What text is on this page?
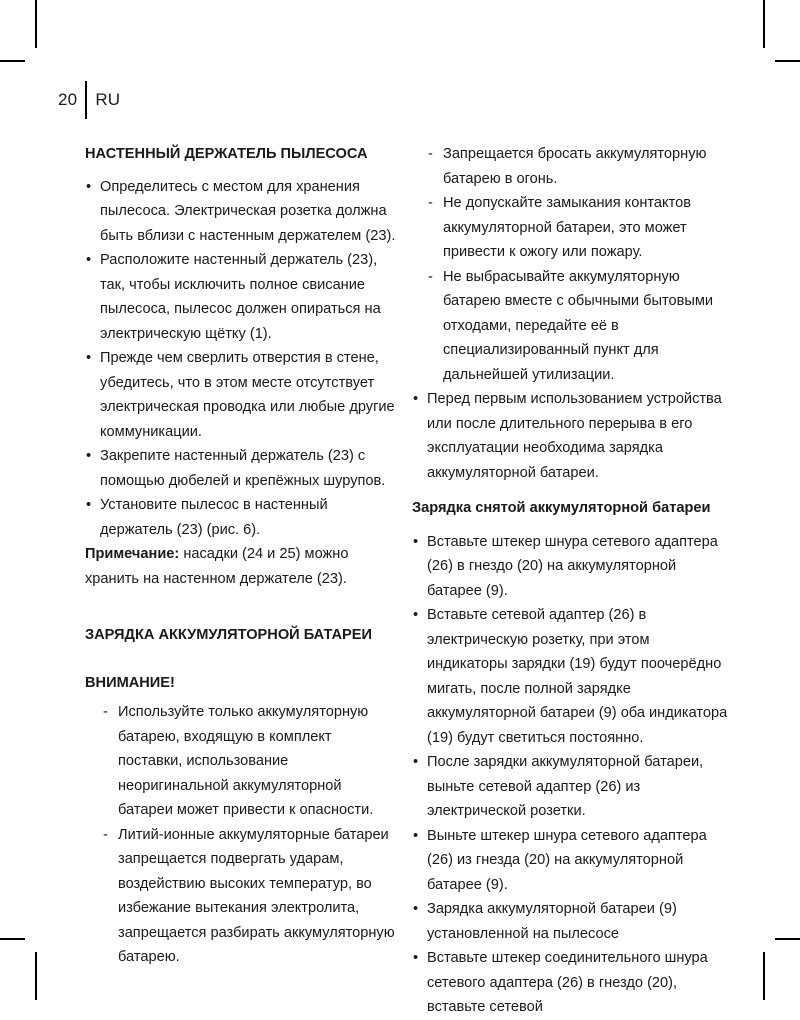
20	RU
НАСТЕННЫЙ ДЕРЖАТЕЛЬ ПЫЛЕСОСА
• Определитесь с местом для хранения пылесоса. Электрическая розетка должна быть вблизи с настенным держателем (23).
• Расположите настенный держатель (23), так, чтобы исключить полное свисание пылесоса, пылесос должен опираться на электрическую щётку (1).
• Прежде чем сверлить отверстия в стене, убедитесь, что в этом месте отсутствует электрическая проводка или любые другие коммуникации.
• Закрепите настенный держатель (23) с помощью дюбелей и крепёжных шурупов.
• Установите пылесос в настенный держатель (23) (рис. 6).

Примечание: насадки (24 и 25) можно хранить на настенном держателе (23).

ЗАРЯДКА АККУМУЛЯТОРНОЙ БАТАРЕИ
ВНИМАНИЕ!
- Используйте только аккумуляторную батарею, входящую в комплект поставки, использование неоригинальной аккумуляторной батареи может привести к опасности.
- Литий-ионные аккумуляторные батареи запрещается подвергать ударам, воздействию высоких температур, во избежание вытекания электролита, запрещается разбирать аккумуляторную батарею.
- Запрещается бросать аккумуляторную батарею в огонь.
- Не допускайте замыкания контактов аккумуляторной батареи, это может привести к ожогу или пожару.
- Не выбрасывайте аккумуляторную батарею вместе с обычными бытовыми отходами, передайте её в специализированный пункт для дальнейшей утилизации.
• Перед первым использованием устройства или после длительного перерыва в его эксплуатации необходима зарядка аккумуляторной батареи.
Зарядка снятой аккумуляторной батареи
• Вставьте штекер шнура сетевого адаптера (26) в гнездо (20) на аккумуляторной батарее (9).
• Вставьте сетевой адаптер (26) в электрическую розетку, при этом индикаторы зарядки (19) будут поочерёдно мигать, после полной зарядке аккумуляторной батареи (9) оба индикатора (19) будут светиться постоянно.
• После зарядки аккумуляторной батареи, выньте сетевой адаптер (26) из электрической розетки.
• Выньте штекер шнура сетевого адаптера (26) из гнезда (20) на аккумуляторной батарее (9).
• Зарядка аккумуляторной батареи (9) установленной на пылесосе
• Вставьте штекер соединительного шнура сетевого адаптера (26) в гнездо (20), вставьте сетевой
